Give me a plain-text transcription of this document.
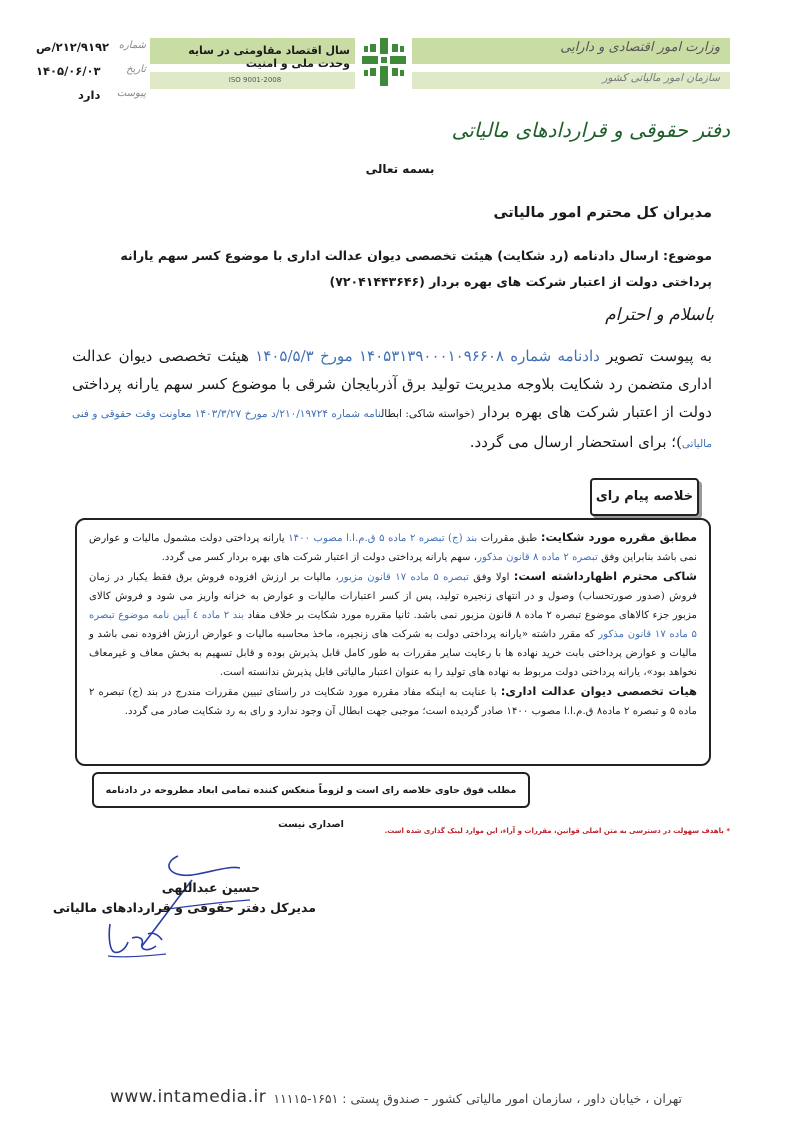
وزارت امور اقتصادی و دارایی
سازمان امور مالیاتی کشور
سال اقتصاد مقاومتی در سایه وحدت ملی و امنیت
ISO 9001-2008
دفتر حقوقی و قراردادهای مالیاتی
۲۱۲/۹۱۹۲/ص شماره
۱۴۰۵/۰۶/۰۳	تاریخ
دارد پیوست
بسمه تعالی
مدیران کل محترم امور مالیاتی
موضوع: ارسال دادنامه (رد شکایت) هیئت تخصصی دیوان عدالت اداری با موضوع کسر سهم یارانه پرداختی دولت از اعتبار شرکت های بهره بردار (۷۲۰۴۱۴۴۳۶۴۶)
باسلام و احترام
به پیوست تصویر دادنامه شماره ۱۴۰۵۳۱۳۹۰۰۰۱۰۹۶۶۰۸ مورخ ۱۴۰۵/۵/۳ هیئت تخصصی دیوان عدالت اداری متضمن رد شکایت بلاوجه مدیریت تولید برق آذربایجان شرقی با موضوع کسر سهم یارانه پرداختی دولت از اعتبار شرکت های بهره بردار (خواسته شاکی: ابطالنامه شماره ۲۱۰/۱۹۷۲۴/د مورخ ۱۴۰۳/۳/۲۷ معاونت وقت حقوقی و فنی مالیاتی)؛ برای استحضار ارسال می گردد.
خلاصه پیام رای

مطابق مقرره مورد شکایت: طبق مقررات بند (ج) تبصره ۲ ماده ۵ ق.م.ا.ا مصوب ۱۴۰۰ یارانه پرداختی دولت مشمول مالیات و عوارض نمی باشد بنابراین وفق تبصره ۲ ماده ۸ قانون مذکور، سهم یارانه پرداختی دولت از اعتبار شرکت های بهره بردار کسر می گردد.

شاکی محترم اظهارداشته است: اولا وفق تبصره ۵ ماده ۱۷ قانون مزبور، مالیات بر ارزش افزوده فروش برق فقط یکبار در زمان فروش (صدور صورتحساب) وصول و در انتهای زنجیره تولید، پس از کسر اعتبارات مالیات و عوارض به خزانه واریز می شود و فروش کالای مزبور جزء کالاهای موضوع تبصره ۲ ماده ۸ قانون مزبور نمی باشد. ثانیا مقرره مورد شکایت بر خلاف مفاد بند ۲ ماده ٤ آیین نامه موضوع تبصره ۵ ماده ۱۷ قانون مذکور که مقرر داشته «یارانه پرداختی دولت به شرکت های زنجیره، ماخذ محاسبه مالیات و عوارض ارزش افزوده نمی باشد و مالیات و عوارض پرداختی بابت خرید نهاده ها با رعایت سایر مقررات به طور کامل قابل پذیرش بوده و قابل تسهیم به بخش معاف و غیرمعاف نخواهد بود»، یارانه پرداختی دولت مربوط به نهاده های تولید را به عنوان اعتبار مالیاتی قابل پذیرش ندانسته است.

هیات تخصصی دیوان عدالت اداری: با عنایت به اینکه مفاد مقرره مورد شکایت در راستای تبیین مقررات مندرج در بند (ج) تبصره ۲ ماده ۵ و تبصره ۲ ماده۸ ق.م.ا.ا مصوب ۱۴۰۰ صادر گردیده است؛ موجبی جهت ابطال آن وجود ندارد و رای به رد شکایت صادر می گردد.

مطلب فوق حاوی خلاصه رای است و لزوماً منعکس کننده تمامی ابعاد مطروحه در دادنامه اصداری نیست
* باهدف سهولت در دسترسی به متن اصلی قوانین، مقررات و آراء، این موارد لینک گذاری شده است.
حسین عبداللهی
مدیرکل دفتر حقوقی و قراردادهای مالیاتی
www.intamedia.ir تهران ، خیابان داور ، سازمان امور مالیاتی کشور - صندوق پستی : ۱۶۵۱-۱۱۱۱۵
